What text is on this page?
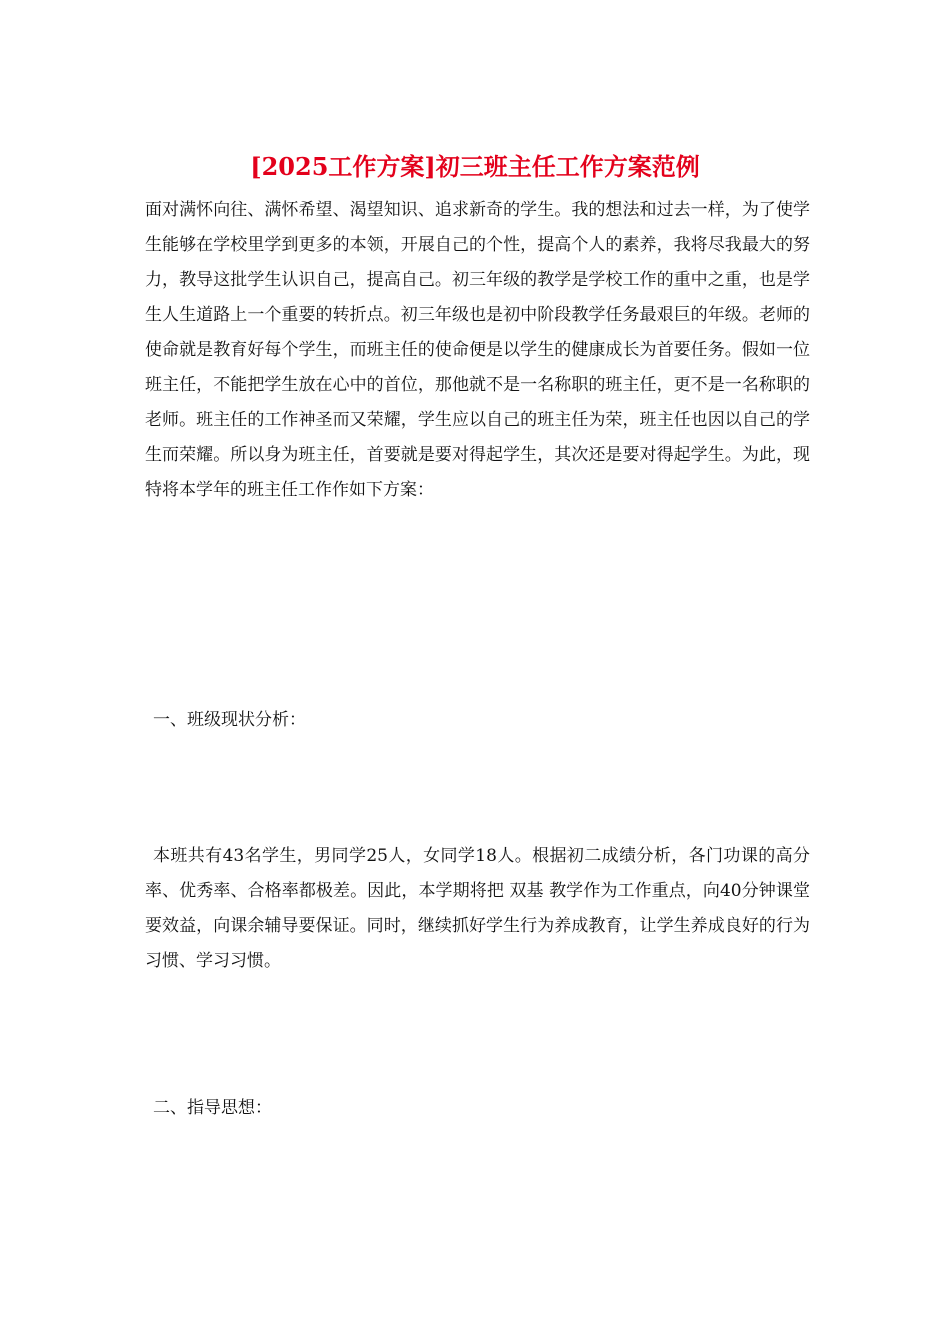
[2025工作方案]初三班主任工作方案范例

面对满怀向往、满怀希望、渴望知识、追求新奇的学生。我的想法和过去一样，为了使学生能够在学校里学到更多的本领，开展自己的个性，提高个人的素养，我将尽我最大的努力，教导这批学生认识自己，提高自己。初三年级的教学是学校工作的重中之重，也是学生人生道路上一个重要的转折点。初三年级也是初中阶段教学任务最艰巨的年级。老师的使命就是教育好每个学生，而班主任的使命便是以学生的健康成长为首要任务。假如一位班主任，不能把学生放在心中的首位，那他就不是一名称职的班主任，更不是一名称职的老师。班主任的工作神圣而又荣耀，学生应以自己的班主任为荣，班主任也因以自己的学生而荣耀。所以身为班主任，首要就是要对得起学生，其次还是要对得起学生。为此，现特将本学年的班主任工作作如下方案：

一、班级现状分析：

本班共有43名学生，男同学25人，女同学18人。根据初二成绩分析，各门功课的高分率、优秀率、合格率都极差。因此，本学期将把 双基 教学作为工作重点，向40分钟课堂要效益，向课余辅导要保证。同时，继续抓好学生行为养成教育，让学生养成良好的行为习惯、学习习惯。

二、指导思想：
